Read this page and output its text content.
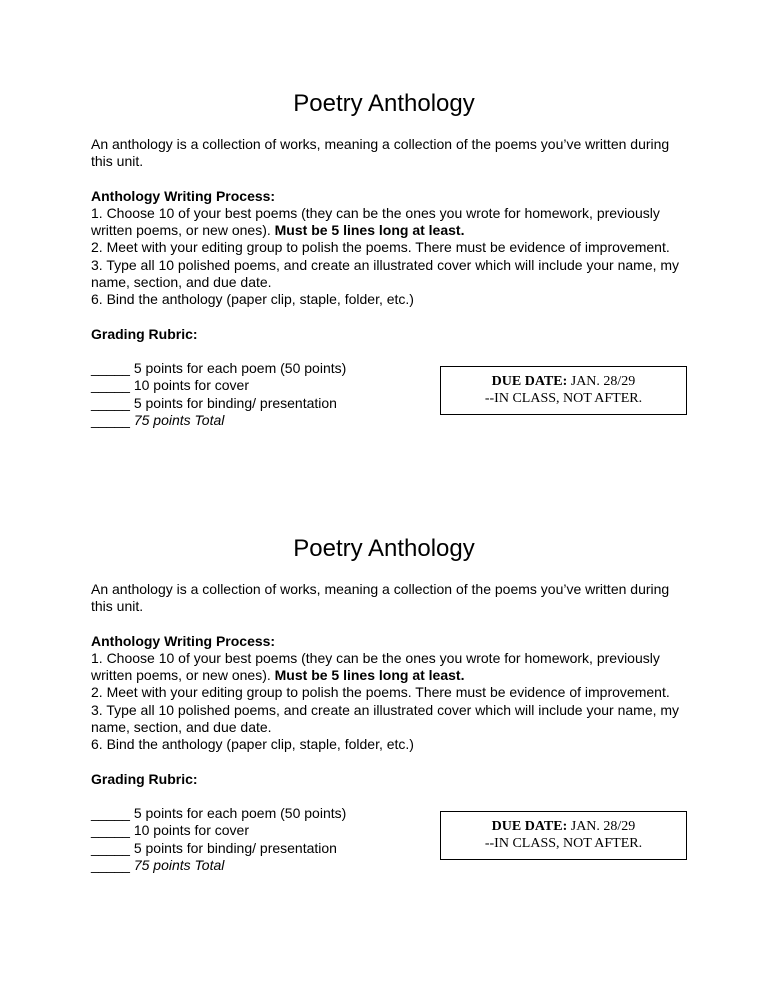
Poetry Anthology

An anthology is a collection of works, meaning a collection of the poems you’ve written during this unit.

Anthology Writing Process:

1. Choose 10 of your best poems (they can be the ones you wrote for homework, previously written poems, or new ones). Must be 5 lines long at least.

2. Meet with your editing group to polish the poems. There must be evidence of improvement.

3. Type all 10 polished poems, and create an illustrated cover which will include your name, my name, section, and due date.

6. Bind the anthology (paper clip, staple, folder, etc.)

Grading Rubric:

_____ 5 points for each poem (50 points)

_____ 10 points for cover

_____ 5 points for binding/ presentation

_____ 75 points Total

DUE DATE: JAN. 28/29
--IN CLASS, NOT AFTER.
Poetry Anthology

An anthology is a collection of works, meaning a collection of the poems you’ve written during this unit.

Anthology Writing Process:

1. Choose 10 of your best poems (they can be the ones you wrote for homework, previously written poems, or new ones). Must be 5 lines long at least.

2. Meet with your editing group to polish the poems. There must be evidence of improvement.

3. Type all 10 polished poems, and create an illustrated cover which will include your name, my name, section, and due date.

6. Bind the anthology (paper clip, staple, folder, etc.)

Grading Rubric:

_____ 5 points for each poem (50 points)

_____ 10 points for cover

_____ 5 points for binding/ presentation

_____ 75 points Total

DUE DATE: JAN. 28/29
--IN CLASS, NOT AFTER.
